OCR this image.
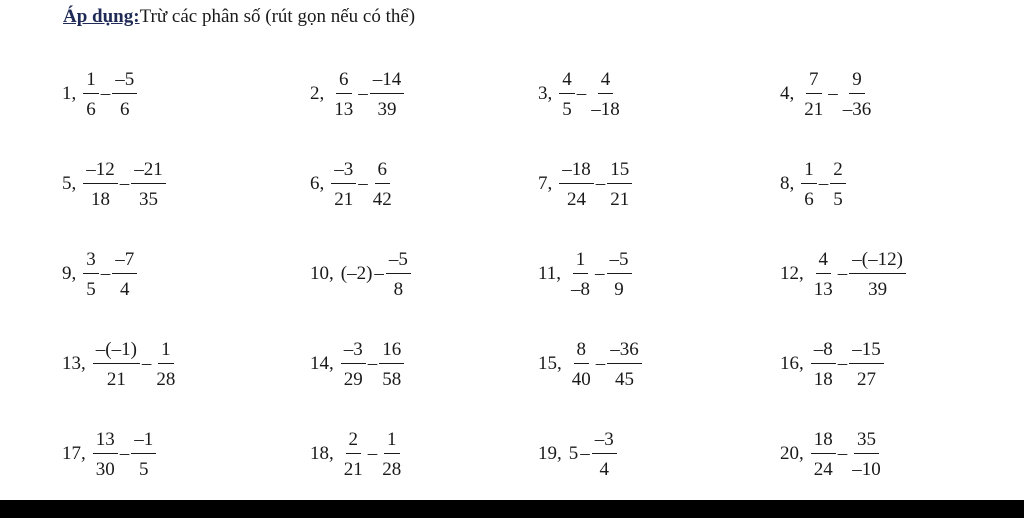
Áp dụng:Trừ các phân số (rút gọn nếu có thể)
1, $\frac{1}{6} - \frac{-5}{6}$	2, $\frac{6}{13} - \frac{-14}{39}$	3, $\frac{4}{5} - \frac{4}{-18}$	4, $\frac{7}{21} - \frac{9}{-36}$
5, $\frac{-12}{18} - \frac{-21}{35}$	6, $\frac{-3}{21} - \frac{6}{42}$	7, $\frac{-18}{24} - \frac{15}{21}$	8, $\frac{1}{6} - \frac{2}{5}$
9, $\frac{3}{5} - \frac{-7}{4}$	10, $(-2) - \frac{-5}{8}$	11, $\frac{1}{-8} - \frac{-5}{9}$	12, $\frac{4}{13} - \frac{-(-12)}{39}$
13, $\frac{-(-1)}{21} - \frac{1}{28}$	14, $\frac{-3}{29} - \frac{16}{58}$	15, $\frac{8}{40} - \frac{-36}{45}$	16, $\frac{-8}{18} - \frac{-15}{27}$
17, $\frac{13}{30} - \frac{-1}{5}$	18, $\frac{2}{21} - \frac{1}{28}$	19, $5 - \frac{-3}{4}$	20, $\frac{18}{24} - \frac{35}{-10}$
